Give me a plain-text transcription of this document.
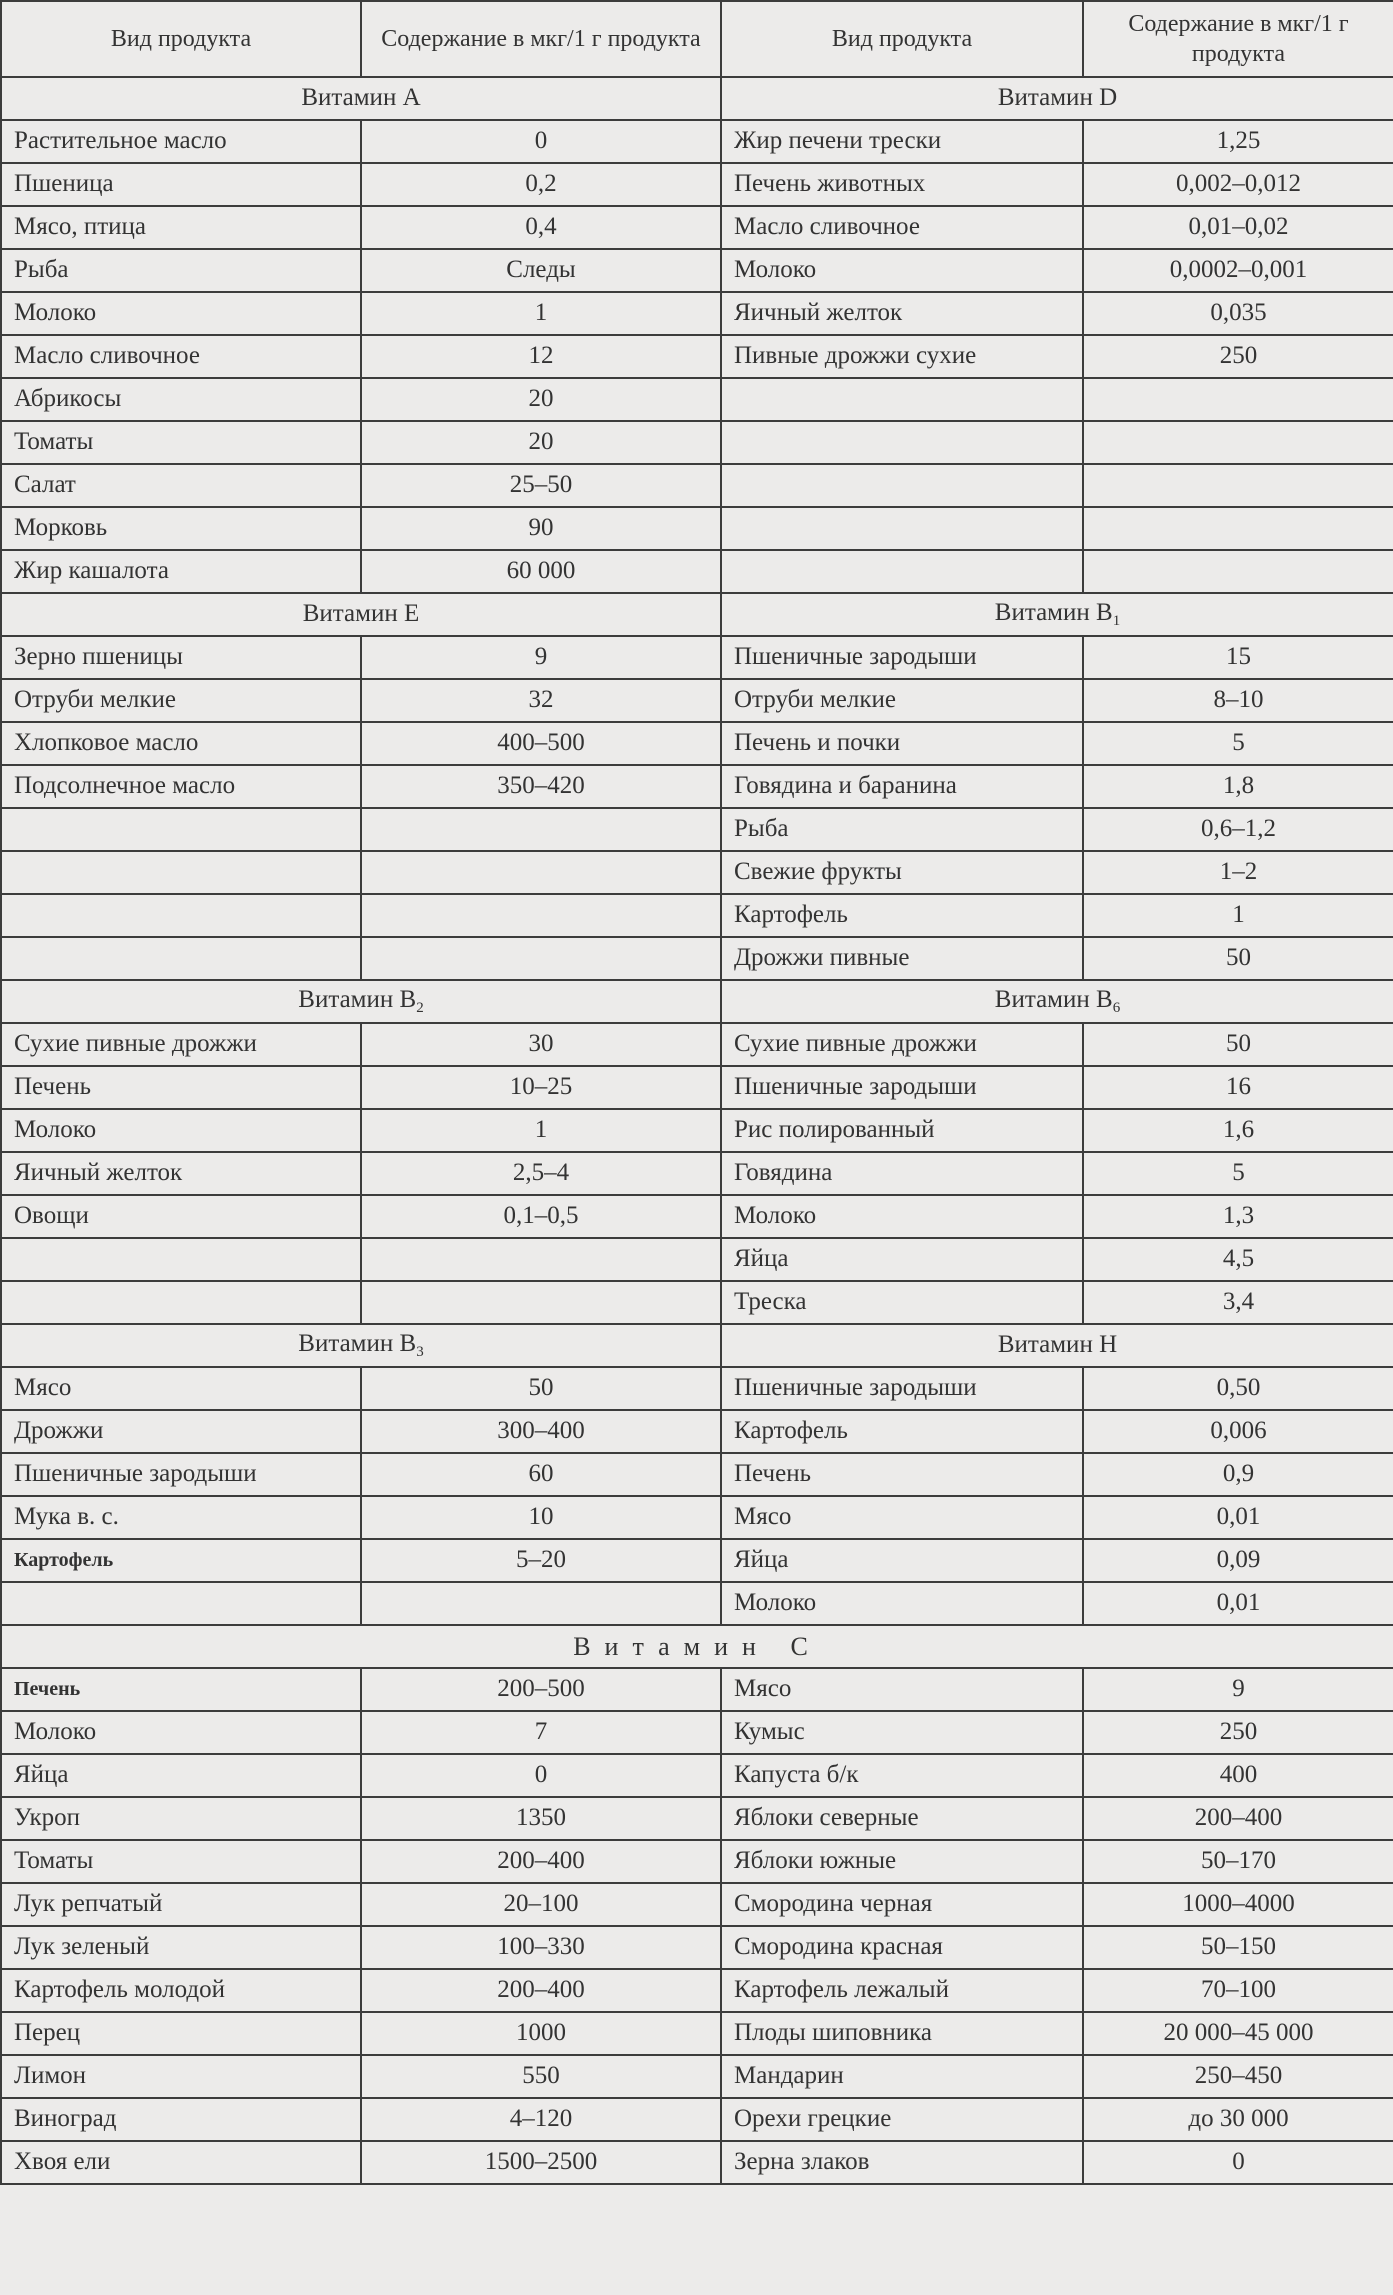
Вид продукта	Содержание в мкг/1 г продукта	Вид продукта	Содержание в мкг/1 г продукта
Витамин А		Витамин D	
Растительное масло	0	Жир печени трески	1,25
Пшеница	0,2	Печень животных	0,002–0,012
Мясо, птица	0,4	Масло сливочное	0,01–0,02
Рыба	Следы	Молоко	0,0002–0,001
Молоко	1	Яичный желток	0,035
Масло сливочное	12	Пивные дрожжи сухие	250
Абрикосы	20		
Томаты	20		
Салат	25–50		
Морковь	90		
Жир кашалота	60 000		
Витамин Е		Витамин $В_1$
Зерно пшеницы	9	Пшеничные зародыши	15
Отруби мелкие	32	Отруби мелкие	8–10
Хлопковое масло	400–500	Печень и почки	5
Подсолнечное масло	350–420	Говядина и баранина	1,8
		Рыба	0,6–1,2
		Свежие фрукты	1–2
		Картофель	1
		Дрожжи пивные	50
Витамин $В_2$		Витамин $В_6$
Сухие пивные дрожжи	30	Сухие пивные дрожжи	50
Печень	10–25	Пшеничные зародыши	16
Молоко	1	Рис полированный	1,6
Яичный желток	2,5–4	Говядина	5
Овощи	0,1–0,5	Молоко	1,3
		Яйца	4,5
		Треска	3,4
Витамин $В_3$		Витамин Н	
Мясо	50	Пшеничные зародыши	0,50
Дрожжи	300–400	Картофель	0,006
Пшеничные зародыши	60	Печень	0,9
Мука в. с.	10	Мясо	0,01
Картофель	5–20	Яйца	0,09
		Молоко	0,01
Витамин С			
Печень	200–500	Мясо	9
Молоко	7	Кумыс	250
Яйца	0	Капуста б/к	400
Укроп	1350	Яблоки северные	200–400
Томаты	200–400	Яблоки южные	50–170
Лук репчатый	20–100	Смородина черная	1000–4000
Лук зеленый	100–330	Смородина красная	50–150
Картофель молодой	200–400	Картофель лежалый	70–100
Перец	1000	Плоды шиповника	20 000–45 000
Лимон	550	Мандарин	250–450
Виноград	4–120	Орехи грецкие	до 30 000
Хвоя ели	1500–2500	Зерна злаков	0
